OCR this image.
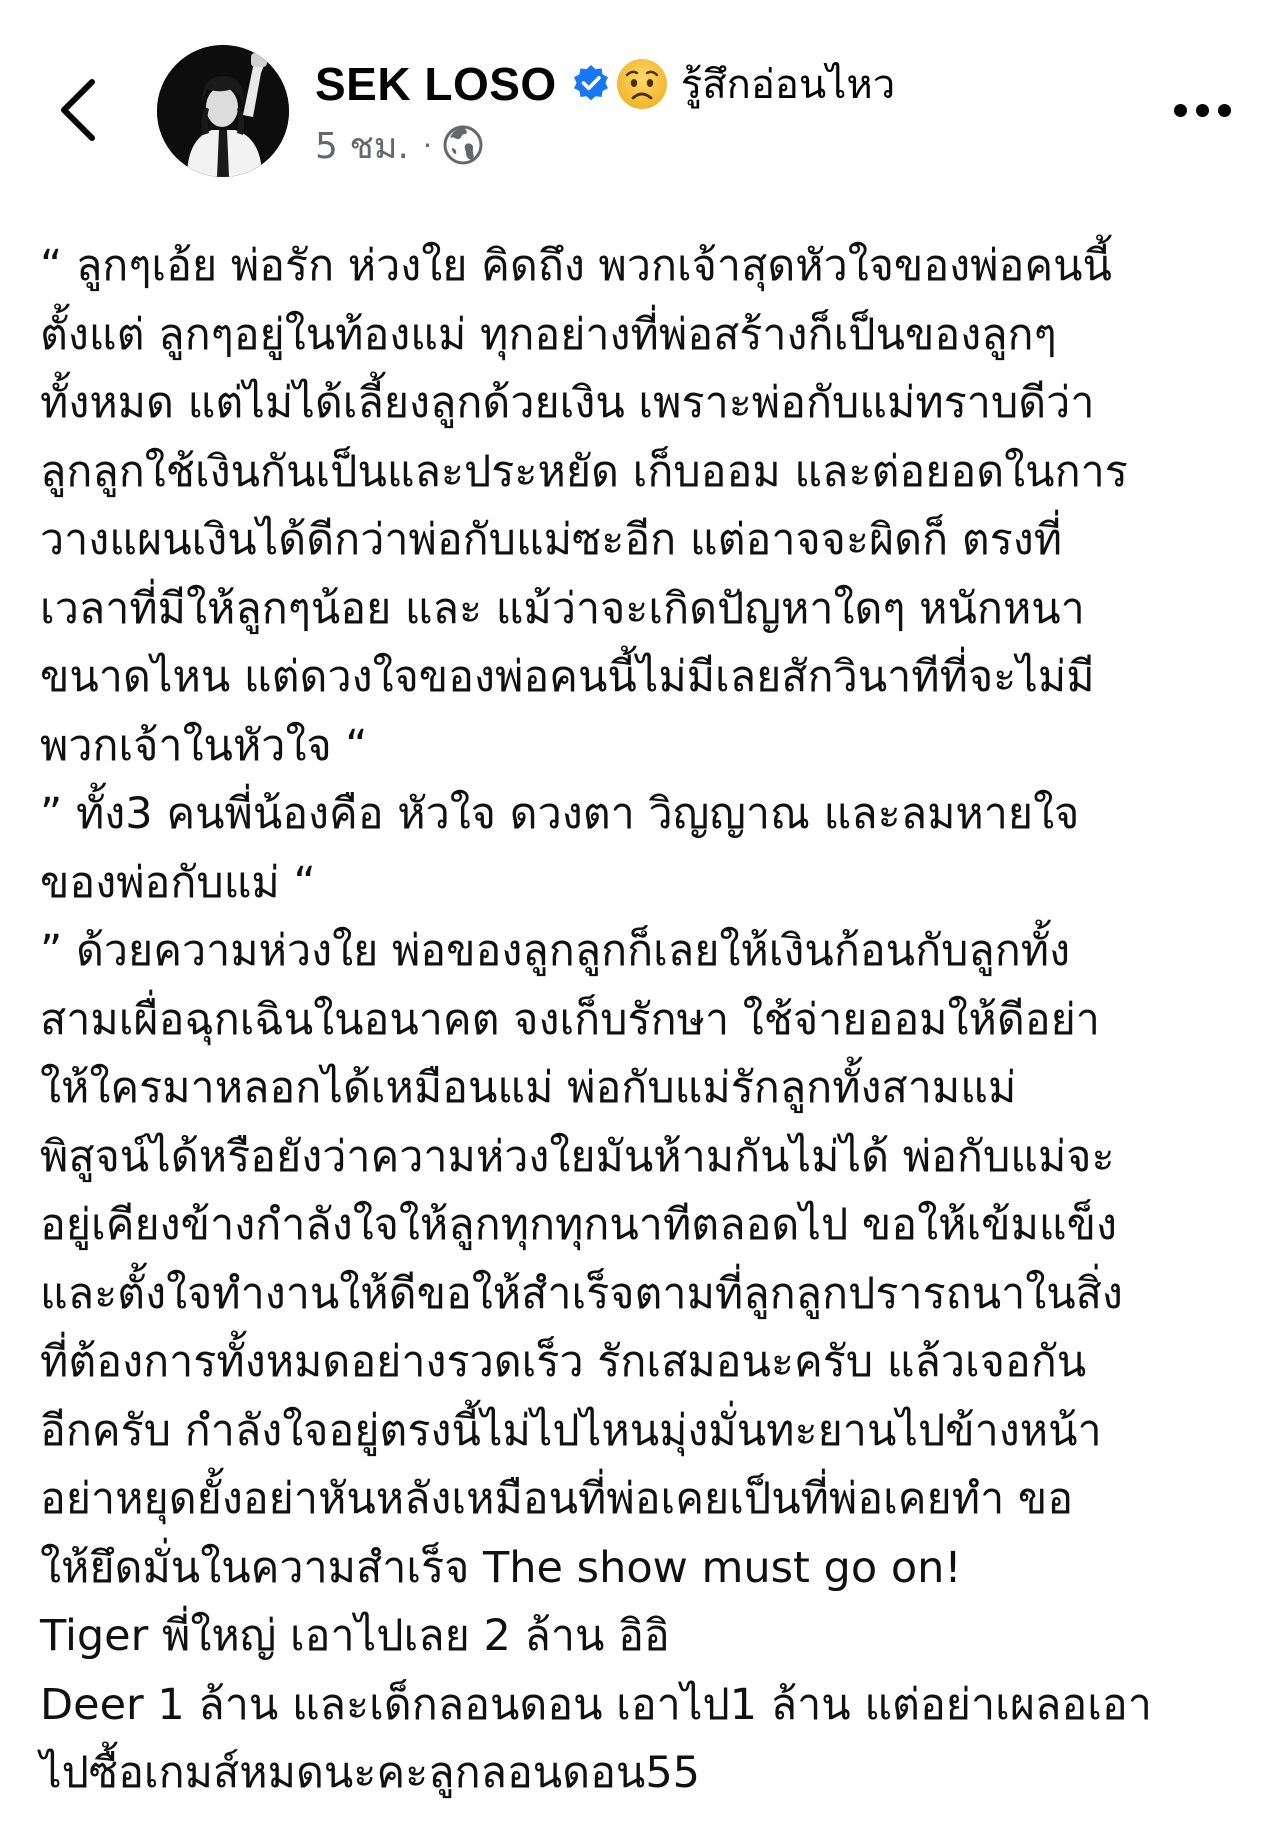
SEK LOSO	รู้สึกอ่อนไหว
5 ชม. ·
“ ลูกๆเอ้ย พ่อรัก ห่วงใย คิดถึง พวกเจ้าสุดหัวใจของพ่อคนนี้
ตั้งแต่ ลูกๆอยู่ในท้องแม่ ทุกอย่างที่พ่อสร้างก็เป็นของลูกๆ
ทั้งหมด แต่ไม่ได้เลี้ยงลูกด้วยเงิน เพราะพ่อกับแม่ทราบดีว่า
ลูกลูกใช้เงินกันเป็นและประหยัด เก็บออม และต่อยอดในการ
วางแผนเงินได้ดีกว่าพ่อกับแม่ซะอีก แต่อาจจะผิดก็ ตรงที่
เวลาที่มีให้ลูกๆน้อย และ แม้ว่าจะเกิดปัญหาใดๆ หนักหนา
ขนาดไหน แต่ดวงใจของพ่อคนนี้ไม่มีเลยสักวินาทีที่จะไม่มี
พวกเจ้าในหัวใจ “
” ทั้ง3 คนพี่น้องคือ หัวใจ ดวงตา วิญญาณ และลมหายใจ
ของพ่อกับแม่ “
” ด้วยความห่วงใย พ่อของลูกลูกก็เลยให้เงินก้อนกับลูกทั้ง
สามเผื่อฉุกเฉินในอนาคต จงเก็บรักษา ใช้จ่ายออมให้ดีอย่า
ให้ใครมาหลอกได้เหมือนแม่ พ่อกับแม่รักลูกทั้งสามแม่
พิสูจน์ได้หรือยังว่าความห่วงใยมันห้ามกันไม่ได้ พ่อกับแม่จะ
อยู่เคียงข้างกำลังใจให้ลูกทุกทุกนาทีตลอดไป ขอให้เข้มแข็ง
และตั้งใจทำงานให้ดีขอให้สำเร็จตามที่ลูกลูกปรารถนาในสิ่ง
ที่ต้องการทั้งหมดอย่างรวดเร็ว รักเสมอนะครับ แล้วเจอกัน
อีกครับ กำลังใจอยู่ตรงนี้ไม่ไปไหนมุ่งมั่นทะยานไปข้างหน้า
อย่าหยุดยั้งอย่าหันหลังเหมือนที่พ่อเคยเป็นที่พ่อเคยทำ ขอ
ให้ยึดมั่นในความสำเร็จ The show must go on!
Tiger พี่ใหญ่ เอาไปเลย 2 ล้าน อิอิ
Deer 1 ล้าน และเด็กลอนดอน เอาไป1 ล้าน แต่อย่าเผลอเอา
ไปซื้อเกมส์หมดนะคะลูกลอนดอน55
